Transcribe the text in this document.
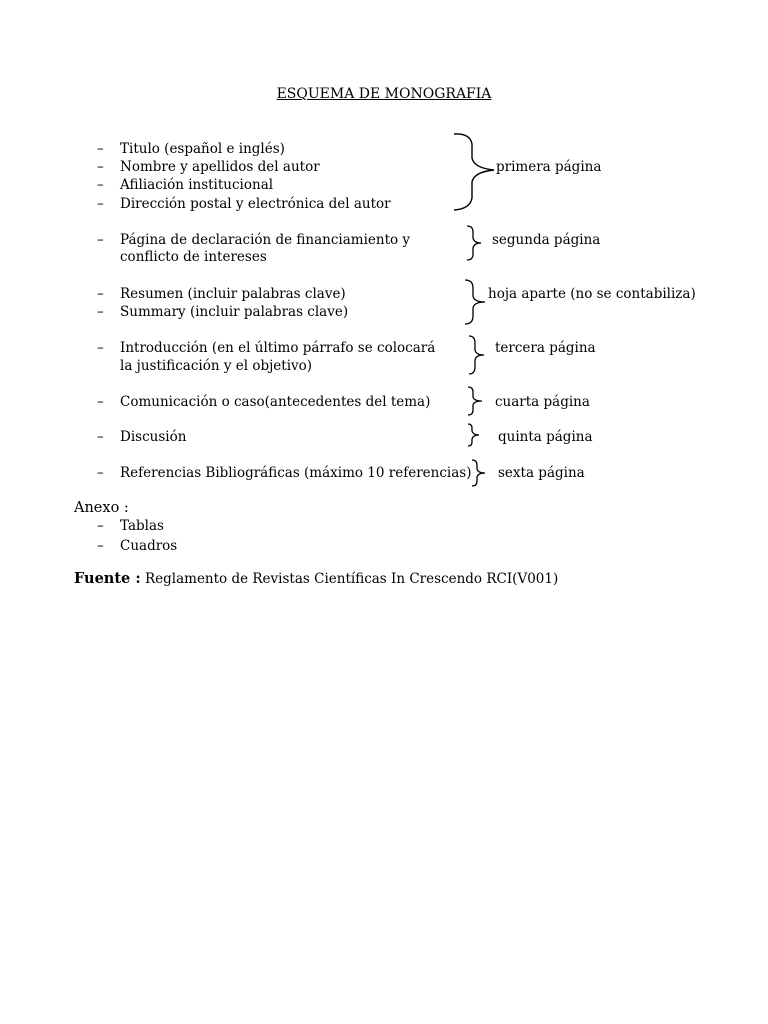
ESQUEMA DE MONOGRAFIA
– Titulo (español e inglés)
– Nombre y apellidos del autor
– Afiliación institucional
– Dirección postal y electrónica del autor
primera página
– Página de declaración de financiamiento y
conflicto de intereses
segunda página
– Resumen (incluir palabras clave)
– Summary (incluir palabras clave)
hoja aparte (no se contabiliza)
– Introducción (en el último párrafo se colocará
la justificación y el objetivo)
tercera página
– Comunicación o caso(antecedentes del tema)	cuarta página
– Discusión	quinta página
– Referencias Bibliográficas (máximo 10 referencias) sexta página
Anexo :
– Tablas
– Cuadros
Fuente : Reglamento de Revistas Científicas In Crescendo RCI(V001)
